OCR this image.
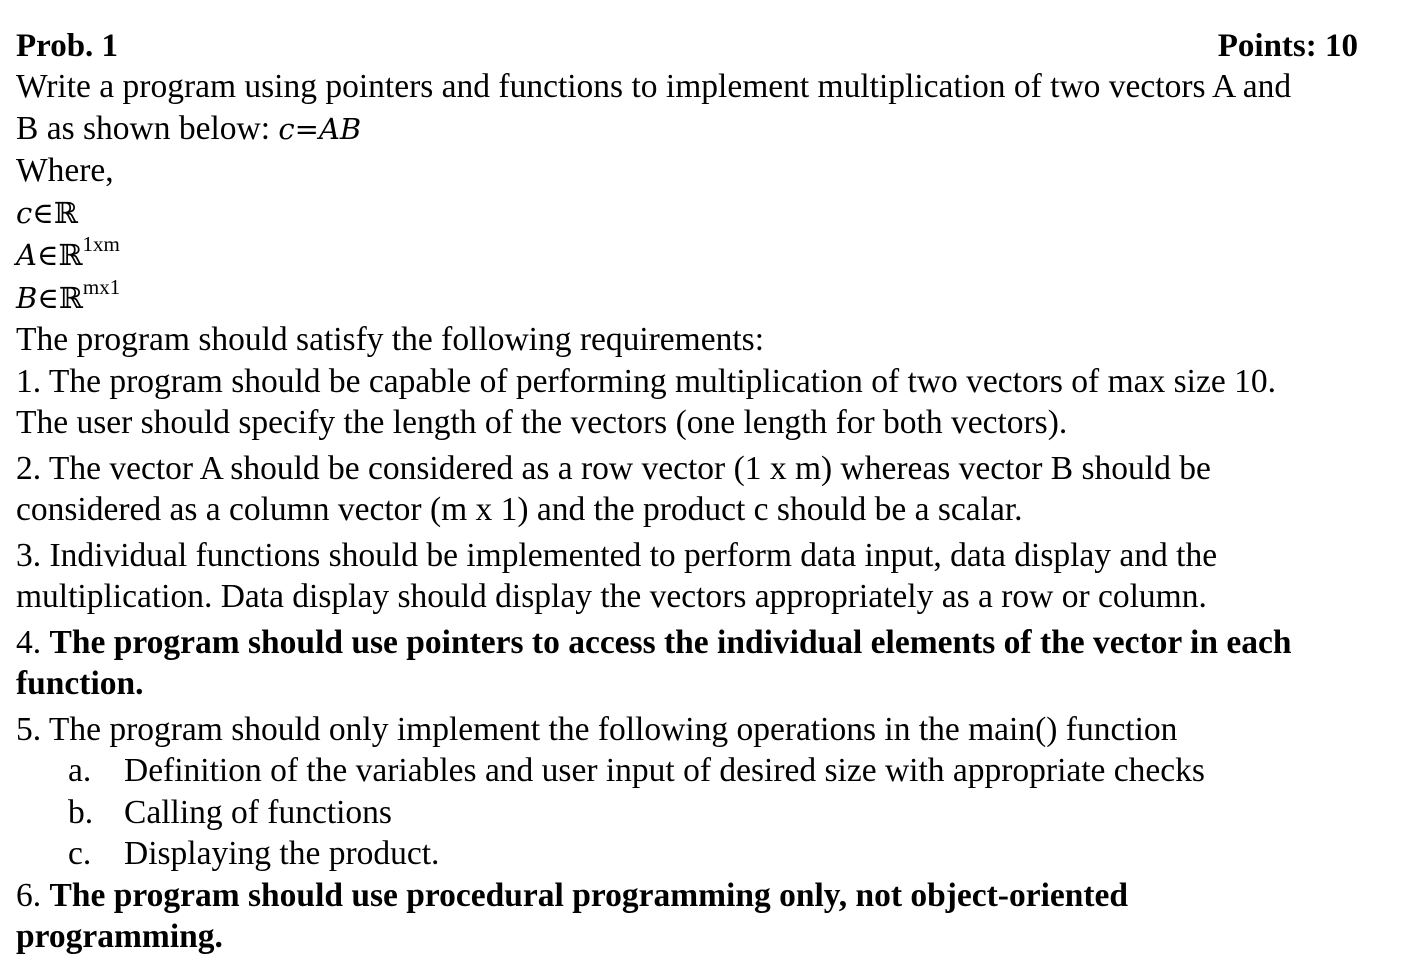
Prob. 1	Points: 10
Write a program using pointers and functions to implement multiplication of two vectors A and
B as shown below: c=AB
Where,
c∈ℝ
A∈ℝ$^{1xm}$
B∈ℝ$^{mx1}$
The program should satisfy the following requirements:
1. The program should be capable of performing multiplication of two vectors of max size 10.
The user should specify the length of the vectors (one length for both vectors).
2. The vector A should be considered as a row vector (1 x m) whereas vector B should be
considered as a column vector (m x 1) and the product c should be a scalar.
3. Individual functions should be implemented to perform data input, data display and the
multiplication. Data display should display the vectors appropriately as a row or column.
4. The program should use pointers to access the individual elements of the vector in each
function.
5. The program should only implement the following operations in the main() function
a. Definition of the variables and user input of desired size with appropriate checks
b. Calling of functions
c. Displaying the product.
6. The program should use procedural programming only, not object-oriented
programming.
